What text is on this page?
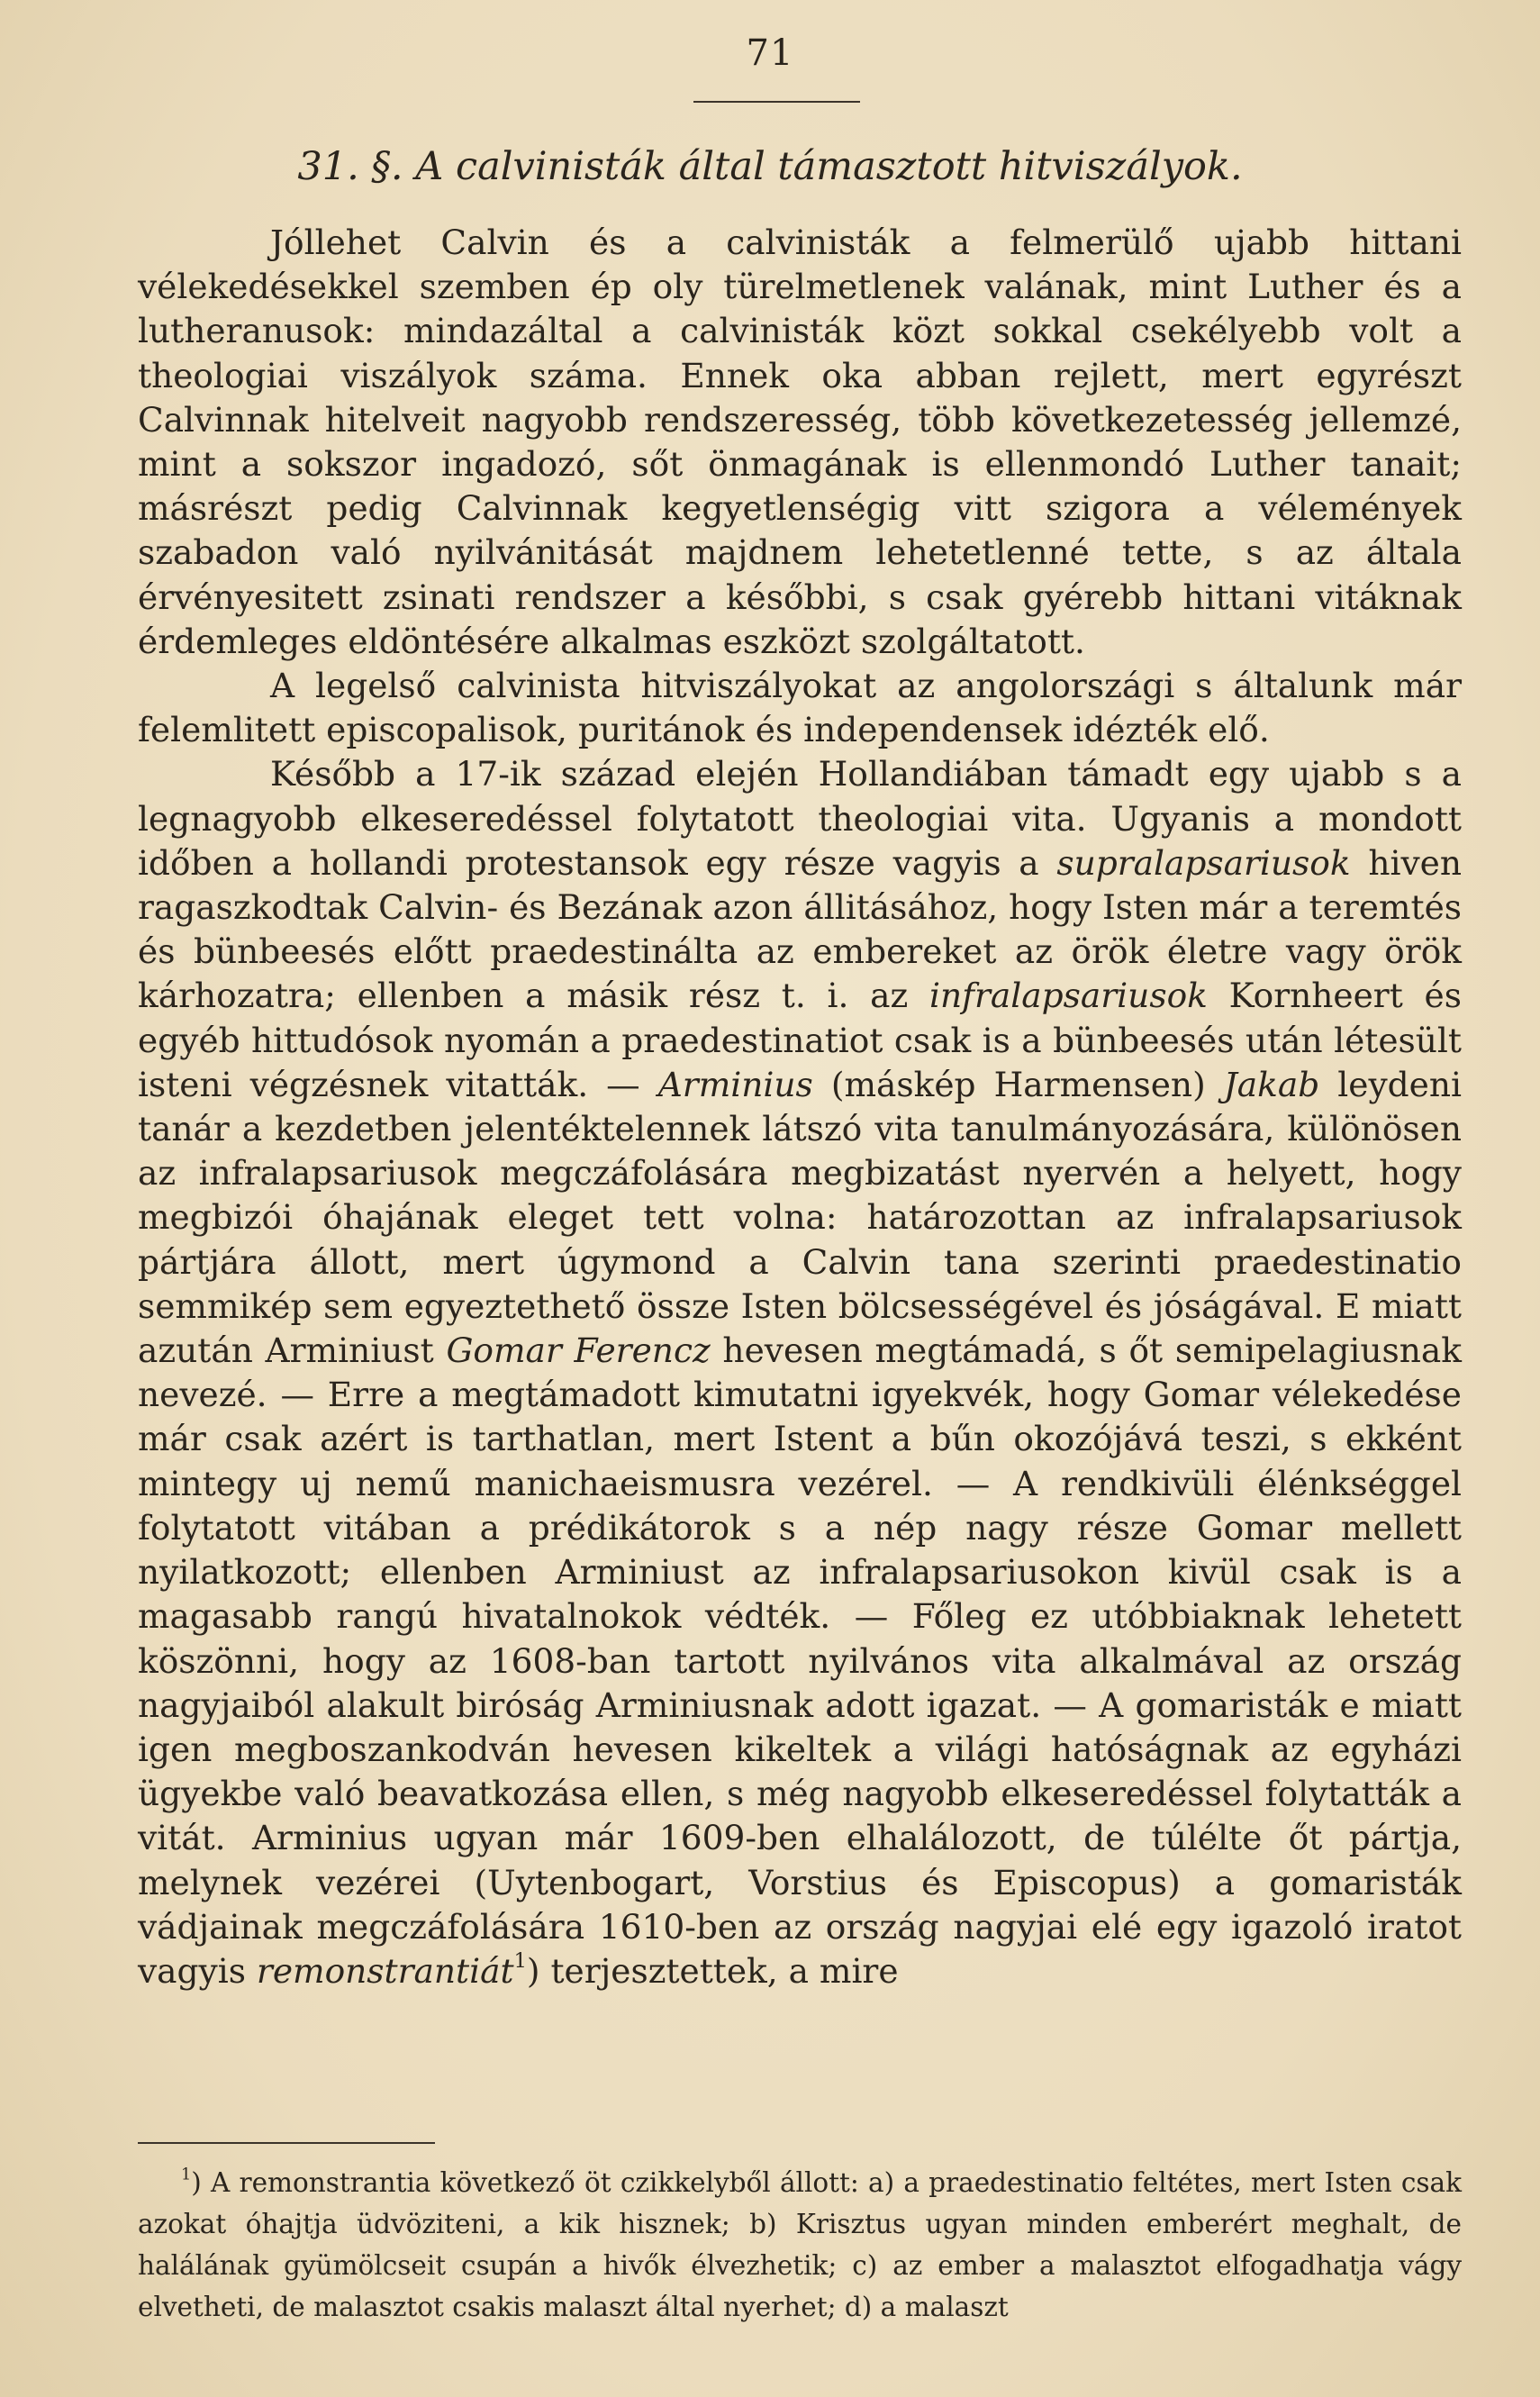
71
31. §. A calvinisták által támasztott hitviszályok.

Jóllehet Calvin és a calvinisták a felmerülő ujabb hittani vélekedésekkel szemben ép oly türelmetlenek valának, mint Luther és a lutheranusok: mindazáltal a calvinisták közt sokkal csekélyebb volt a theologiai viszályok száma. Ennek oka abban rejlett, mert egyrészt Calvinnak hitelveit nagyobb rendszeresség, több következetesség jellemzé, mint a sokszor ingadozó, sőt önmagának is ellenmondó Luther tanait; másrészt pedig Calvinnak kegyetlenségig vitt szigora a vélemények szabadon való nyilvánitását majdnem lehetetlenné tette, s az általa érvényesitett zsinati rendszer a későbbi, s csak gyérebb hittani vitáknak érdemleges eldöntésére alkalmas eszközt szolgáltatott.

A legelső calvinista hitviszályokat az angolországi s általunk már felemlitett episcopalisok, puritánok és independensek idézték elő.

Később a 17-ik század elején Hollandiában támadt egy ujabb s a legnagyobb elkeseredéssel folytatott theologiai vita. Ugyanis a mondott időben a hollandi protestansok egy része vagyis a supralapsariusok hiven ragaszkodtak Calvin- és Bezának azon állitásához, hogy Isten már a teremtés és bünbeesés előtt praedestinálta az embereket az örök életre vagy örök kárhozatra; ellenben a másik rész t. i. az infralapsariusok Kornheert és egyéb hittudósok nyomán a praedestinatiot csak is a bünbeesés után létesült isteni végzésnek vitatták. — Arminius (máskép Harmensen) Jakab leydeni tanár a kezdetben jelentéktelennek látszó vita tanulmányozására, különösen az infralapsariusok megczáfolására megbizatást nyervén a helyett, hogy megbizói óhajának eleget tett volna: határozottan az infralapsariusok pártjára állott, mert úgymond a Calvin tana szerinti praedestinatio semmikép sem egyeztethető össze Isten bölcsességével és jóságával. E miatt azután Arminiust Gomar Ferencz hevesen megtámadá, s őt semipelagiusnak nevezé. — Erre a megtámadott kimutatni igyekvék, hogy Gomar vélekedése már csak azért is tarthatlan, mert Istent a bűn okozójává teszi, s ekként mintegy uj nemű manichaeismusra vezérel. — A rendkivüli élénkséggel folytatott vitában a prédikátorok s a nép nagy része Gomar mellett nyilatkozott; ellenben Arminiust az infralapsariusokon kivül csak is a magasabb rangú hivatalnokok védték. — Főleg ez utóbbiaknak lehetett köszönni, hogy az 1608-ban tartott nyilvános vita alkalmával az ország nagyjaiból alakult biróság Arminiusnak adott igazat. — A gomaristák e miatt igen megboszankodván hevesen kikeltek a világi hatóságnak az egyházi ügyekbe való beavatkozása ellen, s még nagyobb elkeseredéssel folytatták a vitát. Arminius ugyan már 1609-ben elhalálozott, de túlélte őt pártja, melynek vezérei (Uytenbogart, Vorstius és Episcopus) a gomaristák vádjainak megczáfolására 1610-ben az ország nagyjai elé egy igazoló iratot vagyis remonstrantiát$^1$) terjesztettek, a mire

$^1$) A remonstrantia következő öt czikkelyből állott: a) a praedestinatio feltétes, mert Isten csak azokat óhajtja üdvöziteni, a kik hisznek; b) Krisztus ugyan minden emberért meghalt, de halálának gyümölcseit csupán a hivők élvezhetik; c) az ember a malasztot elfogadhatja vágy elvetheti, de malasztot csakis malaszt által nyerhet; d) a malaszt
